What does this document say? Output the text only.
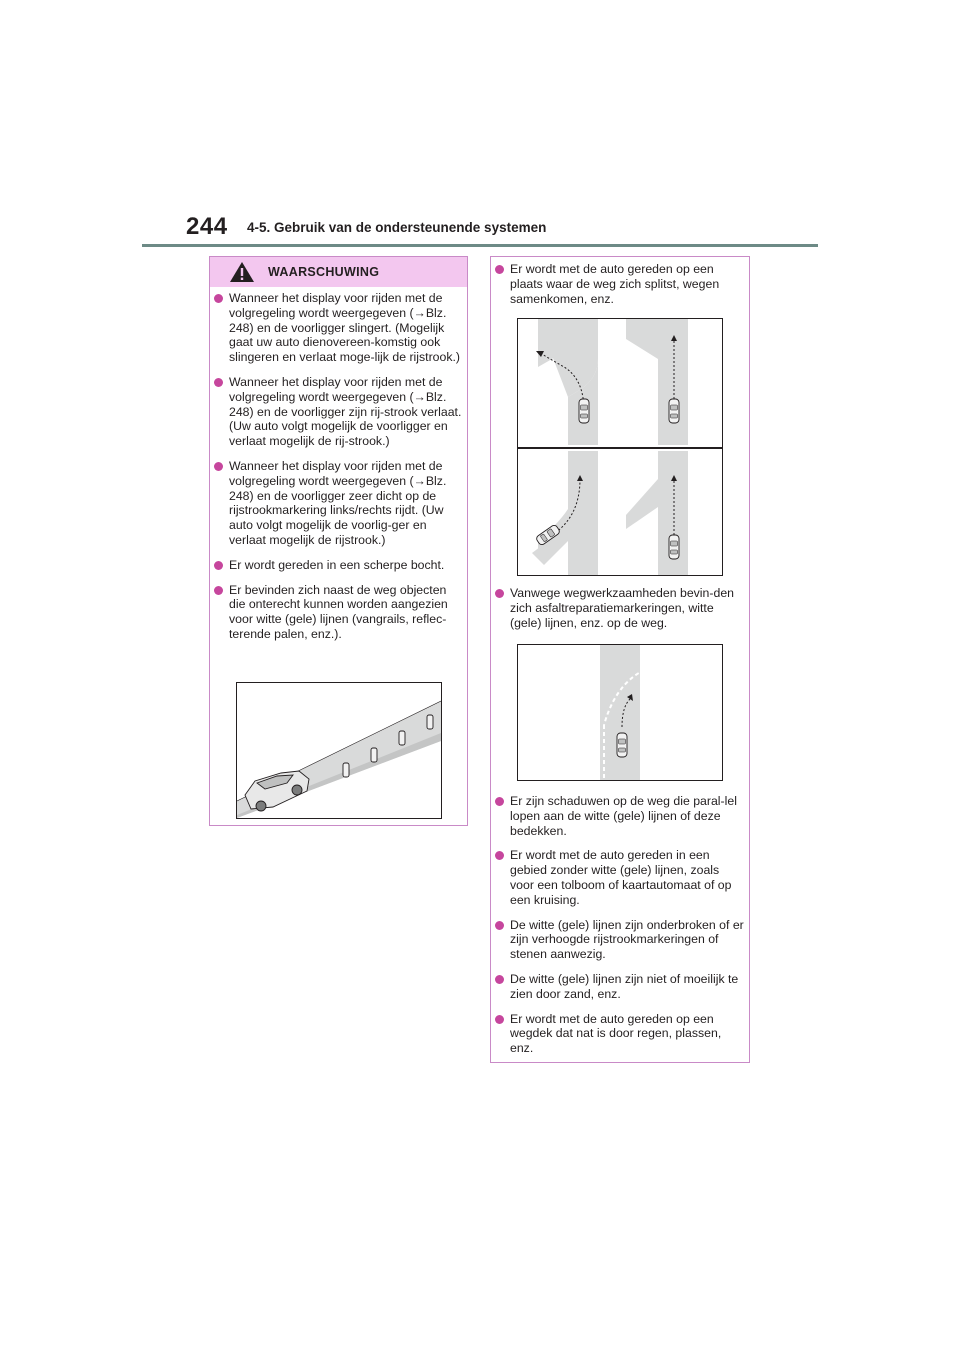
244 4-5. Gebruik van de ondersteunende systemen
WAARSCHUWING
Wanneer het display voor rijden met de volgregeling wordt weergegeven (→Blz. 248) en de voorligger slingert. (Mogelijk gaat uw auto dienovereen-komstig ook slingeren en verlaat moge-lijk de rijstrook.)
Wanneer het display voor rijden met de volgregeling wordt weergegeven (→Blz. 248) en de voorligger zijn rij-strook verlaat. (Uw auto volgt mogelijk de voorligger en verlaat mogelijk de rij-strook.)
Wanneer het display voor rijden met de volgregeling wordt weergegeven (→Blz. 248) en de voorligger zeer dicht op de rijstrookmarkering links/rechts rijdt. (Uw auto volgt mogelijk de voorlig-ger en verlaat mogelijk de rijstrook.)
Er wordt gereden in een scherpe bocht.
Er bevinden zich naast de weg objecten die onterecht kunnen worden aangezien voor witte (gele) lijnen (vangrails, reflec-terende palen, enz.).
Er wordt met de auto gereden op een plaats waar de weg zich splitst, wegen samenkomen, enz.
Vanwege wegwerkzaamheden bevin-den zich asfaltreparatiemarkeringen, witte (gele) lijnen, enz. op de weg.
Er zijn schaduwen op de weg die paral-lel lopen aan de witte (gele) lijnen of deze bedekken.
Er wordt met de auto gereden in een gebied zonder witte (gele) lijnen, zoals voor een tolboom of kaartautomaat of op een kruising.
De witte (gele) lijnen zijn onderbroken of er zijn verhoogde rijstrookmarkeringen of stenen aanwezig.
De witte (gele) lijnen zijn niet of moeilijk te zien door zand, enz.
Er wordt met de auto gereden op een wegdek dat nat is door regen, plassen, enz.
